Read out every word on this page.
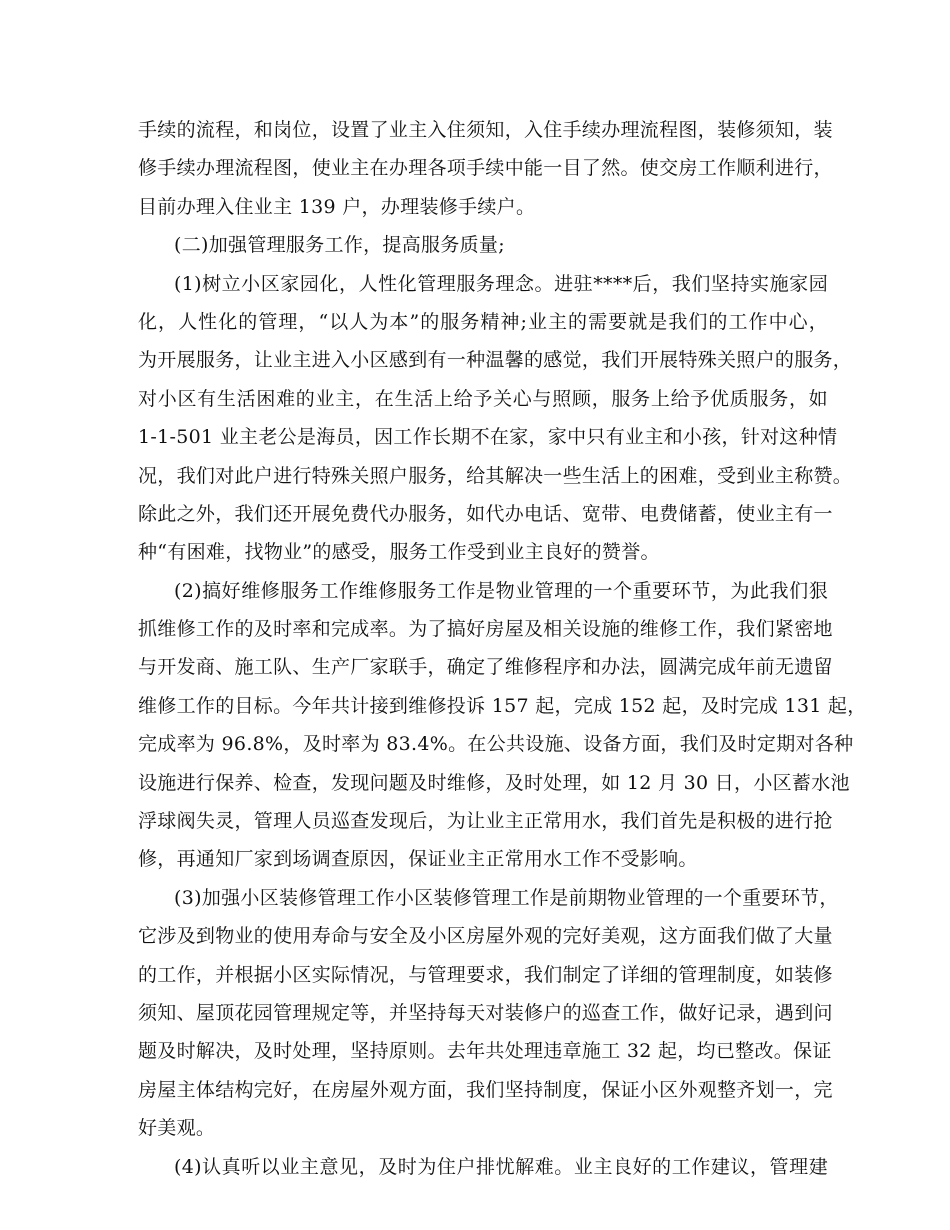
手续的流程，和岗位，设置了业主入住须知，入住手续办理流程图，装修须知，装
修手续办理流程图，使业主在办理各项手续中能一目了然。使交房工作顺利进行，
目前办理入住业主 139 户，办理装修手续户。
(二)加强管理服务工作，提高服务质量;
(1)树立小区家园化，人性化管理服务理念。进驻****后，我们坚持实施家园
化，人性化的管理，“以人为本”的服务精神;业主的需要就是我们的工作中心，
为开展服务，让业主进入小区感到有一种温馨的感觉，我们开展特殊关照户的服务，
对小区有生活困难的业主，在生活上给予关心与照顾，服务上给予优质服务，如
1-1-501 业主老公是海员，因工作长期不在家，家中只有业主和小孩，针对这种情
况，我们对此户进行特殊关照户服务，给其解决一些生活上的困难，受到业主称赞。
除此之外，我们还开展免费代办服务，如代办电话、宽带、电费储蓄，使业主有一
种“有困难，找物业”的感受，服务工作受到业主良好的赞誉。
(2)搞好维修服务工作维修服务工作是物业管理的一个重要环节，为此我们狠
抓维修工作的及时率和完成率。为了搞好房屋及相关设施的维修工作，我们紧密地
与开发商、施工队、生产厂家联手，确定了维修程序和办法，圆满完成年前无遗留
维修工作的目标。今年共计接到维修投诉 157 起，完成 152 起，及时完成 131 起，
完成率为 96.8%，及时率为 83.4%。在公共设施、设备方面，我们及时定期对各种
设施进行保养、检查，发现问题及时维修，及时处理，如 12 月 30 日，小区蓄水池
浮球阀失灵，管理人员巡查发现后，为让业主正常用水，我们首先是积极的进行抢
修，再通知厂家到场调查原因，保证业主正常用水工作不受影响。
(3)加强小区装修管理工作小区装修管理工作是前期物业管理的一个重要环节，
它涉及到物业的使用寿命与安全及小区房屋外观的完好美观，这方面我们做了大量
的工作，并根据小区实际情况，与管理要求，我们制定了详细的管理制度，如装修
须知、屋顶花园管理规定等，并坚持每天对装修户的巡查工作，做好记录，遇到问
题及时解决，及时处理，坚持原则。去年共处理违章施工 32 起，均已整改。保证
房屋主体结构完好，在房屋外观方面，我们坚持制度，保证小区外观整齐划一，完
好美观。
(4)认真听以业主意见，及时为住户排忧解难。业主良好的工作建议，管理建
